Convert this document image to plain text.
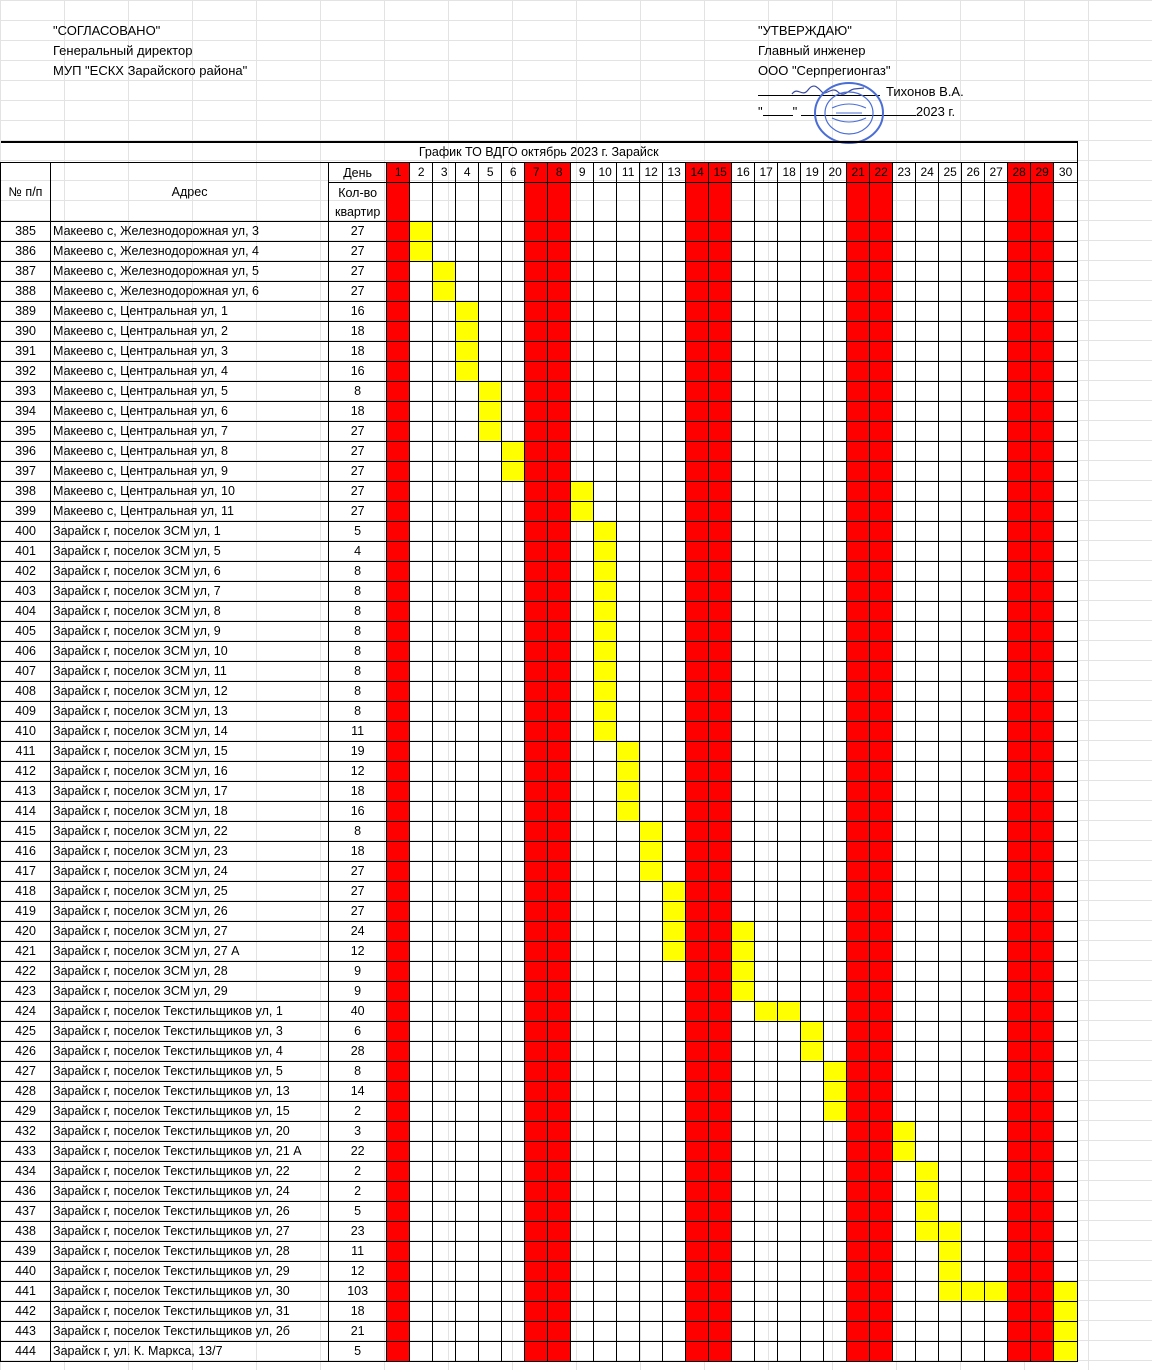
"СОГЛАСОВАНО"
Генеральный директор
МУП "ЕСКХ Зарайского района"
"УТВЕРЖДАЮ"
Главный инженер
ООО "Серпрегионгаз"
Тихонов В.А.
" "	2023 г.
График ТО ВДГО октябрь 2023 г. Зарайск																																
№ п/п	Адрес	День	1	2	3	4	5	6	7	8	9	10	11	12	13	14	15	16	17	18	19	20	21	22	23	24	25	26	27	28	29	30
		Кол-во																														
		квартир																														
385	Макеево с, Железнодорожная ул, 3	27																														
386	Макеево с, Железнодорожная ул, 4	27																														
387	Макеево с, Железнодорожная ул, 5	27																														
388	Макеево с, Железнодорожная ул, 6	27																														
389	Макеево с, Центральная ул, 1	16																														
390	Макеево с, Центральная ул, 2	18																														
391	Макеево с, Центральная ул, 3	18																														
392	Макеево с, Центральная ул, 4	16																														
393	Макеево с, Центральная ул, 5	8																														
394	Макеево с, Центральная ул, 6	18																														
395	Макеево с, Центральная ул, 7	27																														
396	Макеево с, Центральная ул, 8	27																														
397	Макеево с, Центральная ул, 9	27																														
398	Макеево с, Центральная ул, 10	27																														
399	Макеево с, Центральная ул, 11	27																														
400	Зарайск г, поселок ЗСМ ул, 1	5																														
401	Зарайск г, поселок ЗСМ ул, 5	4																														
402	Зарайск г, поселок ЗСМ ул, 6	8																														
403	Зарайск г, поселок ЗСМ ул, 7	8																														
404	Зарайск г, поселок ЗСМ ул, 8	8																														
405	Зарайск г, поселок ЗСМ ул, 9	8																														
406	Зарайск г, поселок ЗСМ ул, 10	8																														
407	Зарайск г, поселок ЗСМ ул, 11	8																														
408	Зарайск г, поселок ЗСМ ул, 12	8																														
409	Зарайск г, поселок ЗСМ ул, 13	8																														
410	Зарайск г, поселок ЗСМ ул, 14	11																														
411	Зарайск г, поселок ЗСМ ул, 15	19																														
412	Зарайск г, поселок ЗСМ ул, 16	12																														
413	Зарайск г, поселок ЗСМ ул, 17	18																														
414	Зарайск г, поселок ЗСМ ул, 18	16																														
415	Зарайск г, поселок ЗСМ ул, 22	8																														
416	Зарайск г, поселок ЗСМ ул, 23	18																														
417	Зарайск г, поселок ЗСМ ул, 24	27																														
418	Зарайск г, поселок ЗСМ ул, 25	27																														
419	Зарайск г, поселок ЗСМ ул, 26	27																														
420	Зарайск г, поселок ЗСМ ул, 27	24																														
421	Зарайск г, поселок ЗСМ ул, 27 А	12																														
422	Зарайск г, поселок ЗСМ ул, 28	9																														
423	Зарайск г, поселок ЗСМ ул, 29	9																														
424	Зарайск г, поселок Текстильщиков ул, 1	40																														
425	Зарайск г, поселок Текстильщиков ул, 3	6																														
426	Зарайск г, поселок Текстильщиков ул, 4	28																														
427	Зарайск г, поселок Текстильщиков ул, 5	8																														
428	Зарайск г, поселок Текстильщиков ул, 13	14																														
429	Зарайск г, поселок Текстильщиков ул, 15	2																														
432	Зарайск г, поселок Текстильщиков ул, 20	3																														
433	Зарайск г, поселок Текстильщиков ул, 21 А	22																														
434	Зарайск г, поселок Текстильщиков ул, 22	2																														
436	Зарайск г, поселок Текстильщиков ул, 24	2																														
437	Зарайск г, поселок Текстильщиков ул, 26	5																														
438	Зарайск г, поселок Текстильщиков ул, 27	23																														
439	Зарайск г, поселок Текстильщиков ул, 28	11																														
440	Зарайск г, поселок Текстильщиков ул, 29	12																														
441	Зарайск г, поселок Текстильщиков ул, 30	103																														
442	Зарайск г, поселок Текстильщиков ул, 31	18																														
443	Зарайск г, поселок Текстильщиков ул, 2б	21																														
444	Зарайск г, ул. К. Маркса, 13/7	5																														
